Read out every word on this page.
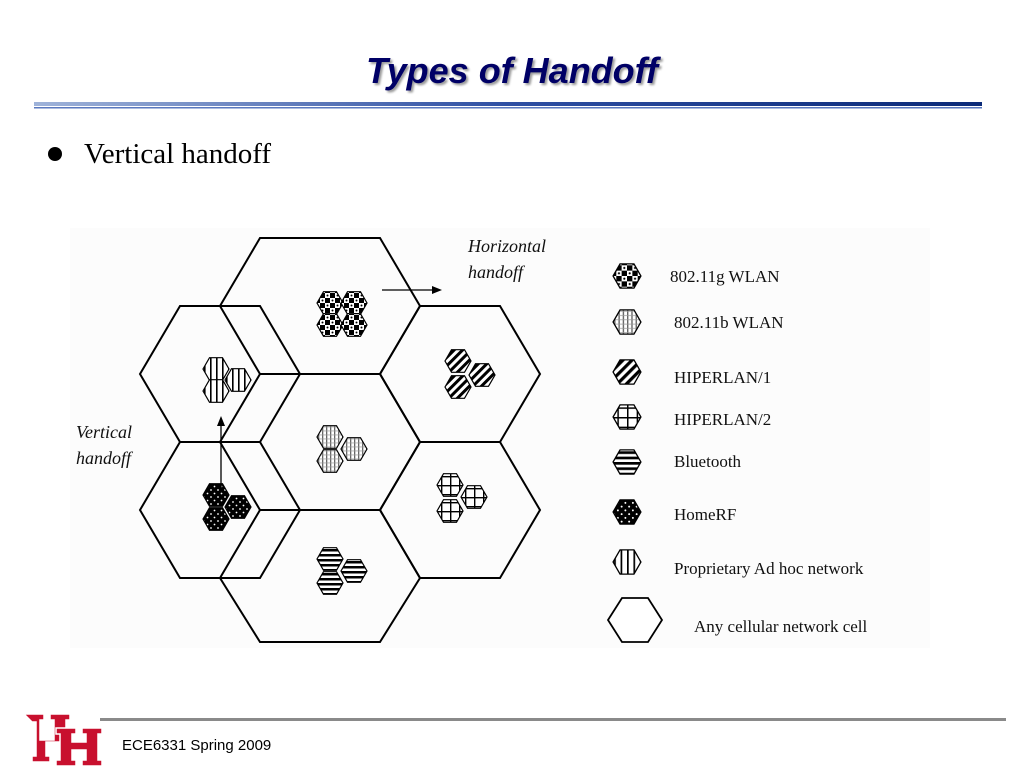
Types of Handoff
Vertical handoff
Horizontal
handoff
Vertical
handoff
802.11g WLAN
802.11b WLAN
HIPERLAN/1
HIPERLAN/2
Bluetooth
HomeRF
Proprietary Ad hoc network
Any cellular network cell
ECE6331 Spring 2009
